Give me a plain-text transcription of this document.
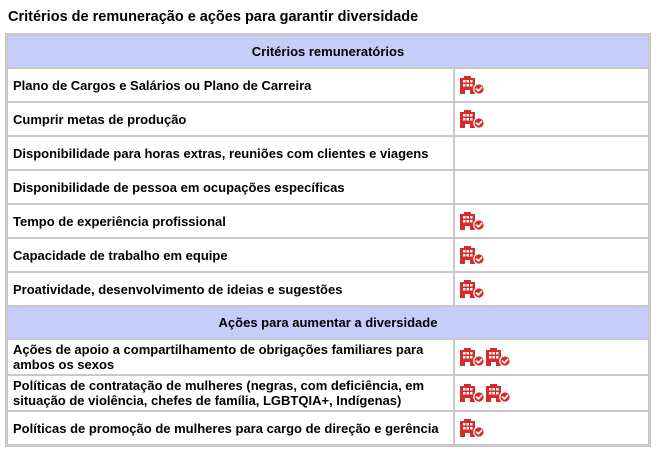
Critérios de remuneração e ações para garantir diversidade
Critérios remuneratórios	
Plano de Cargos e Salários ou Plano de Carreira	

Cumprir metas de produção	

Disponibilidade para horas extras, reuniões com clientes e viagens	

Disponibilidade de pessoa em ocupações específicas	

Tempo de experiência profissional	

Capacidade de trabalho em equipe	

Proatividade, desenvolvimento de ideias e sugestões	

Ações para aumentar a diversidade	
Ações de apoio a compartilhamento de obrigações familiares para ambos os sexos	

Políticas de contratação de mulheres (negras, com deficiência, em situação de violência, chefes de família, LGBTQIA+, Indígenas)	

Políticas de promoção de mulheres para cargo de direção e gerência	
